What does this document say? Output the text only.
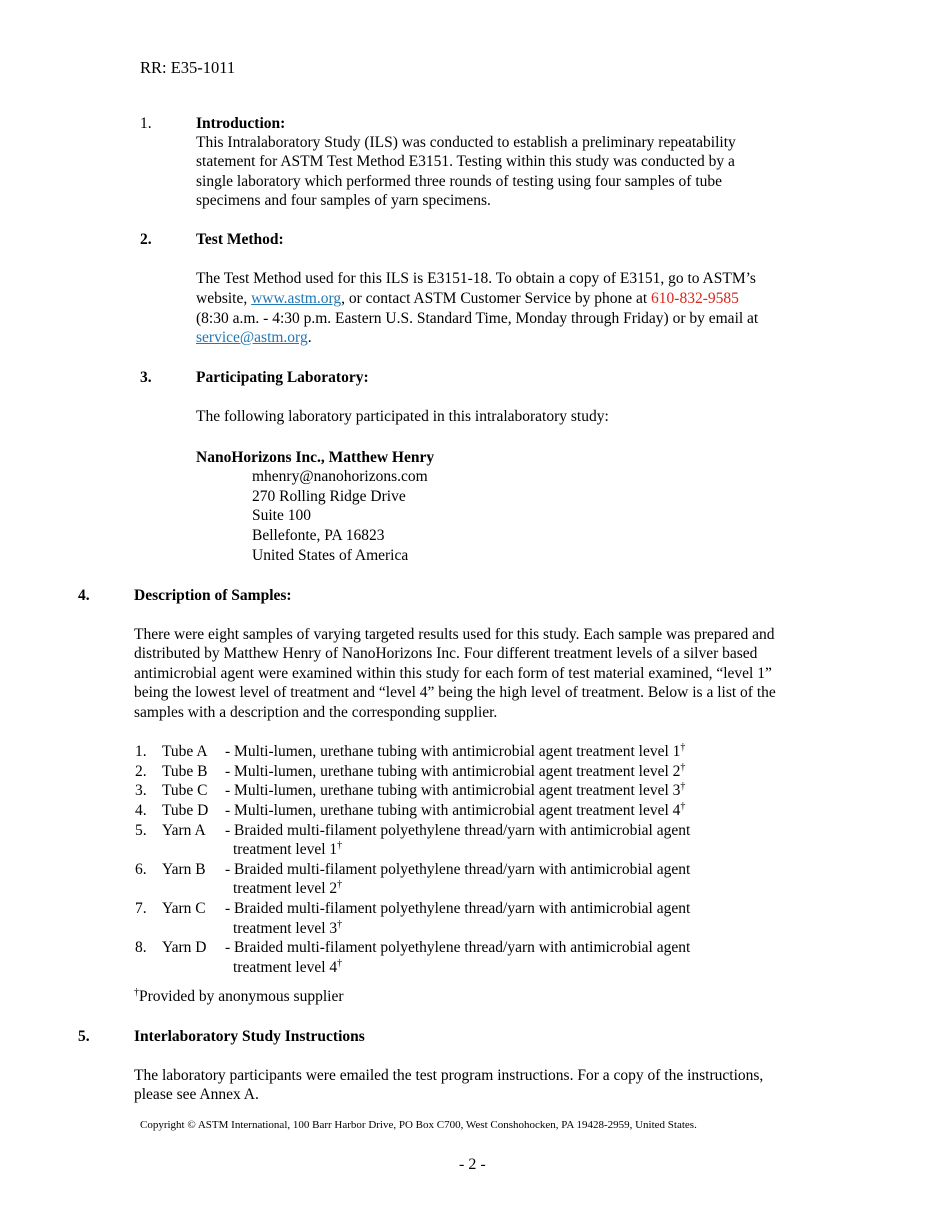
RR: E35-1011
1.	Introduction:
This Intralaboratory Study (ILS) was conducted to establish a preliminary repeatability
statement for ASTM Test Method E3151. Testing within this study was conducted by a
single laboratory which performed three rounds of testing using four samples of tube
specimens and four samples of yarn specimens.
2.	Test Method:
The Test Method used for this ILS is E3151-18. To obtain a copy of E3151, go to ASTM’s
website, www.astm.org, or contact ASTM Customer Service by phone at 610-832-9585
(8:30 a.m. - 4:30 p.m. Eastern U.S. Standard Time, Monday through Friday) or by email at
service@astm.org.
3.	Participating Laboratory:
The following laboratory participated in this intralaboratory study:
NanoHorizons Inc., Matthew Henry
mhenry@nanohorizons.com
270 Rolling Ridge Drive
Suite 100
Bellefonte, PA 16823
United States of America
4.	Description of Samples:
There were eight samples of varying targeted results used for this study. Each sample was prepared and
distributed by Matthew Henry of NanoHorizons Inc. Four different treatment levels of a silver based
antimicrobial agent were examined within this study for each form of test material examined, “level 1”
being the lowest level of treatment and “level 4” being the high level of treatment. Below is a list of the
samples with a description and the corresponding supplier.
1. Tube A - Multi-lumen, urethane tubing with antimicrobial agent treatment level 1†
2. Tube B - Multi-lumen, urethane tubing with antimicrobial agent treatment level 2†
3. Tube C - Multi-lumen, urethane tubing with antimicrobial agent treatment level 3†
4. Tube D - Multi-lumen, urethane tubing with antimicrobial agent treatment level 4†
5. Yarn A - Braided multi-filament polyethylene thread/yarn with antimicrobial agent
treatment level 1†
6. Yarn B - Braided multi-filament polyethylene thread/yarn with antimicrobial agent
treatment level 2†
7. Yarn C - Braided multi-filament polyethylene thread/yarn with antimicrobial agent
treatment level 3†
8. Yarn D - Braided multi-filament polyethylene thread/yarn with antimicrobial agent
treatment level 4†
†Provided by anonymous supplier
5.	Interlaboratory Study Instructions
The laboratory participants were emailed the test program instructions. For a copy of the instructions,
please see Annex A.
Copyright © ASTM International, 100 Barr Harbor Drive, PO Box C700, West Conshohocken, PA 19428-2959, United States.
- 2 -
